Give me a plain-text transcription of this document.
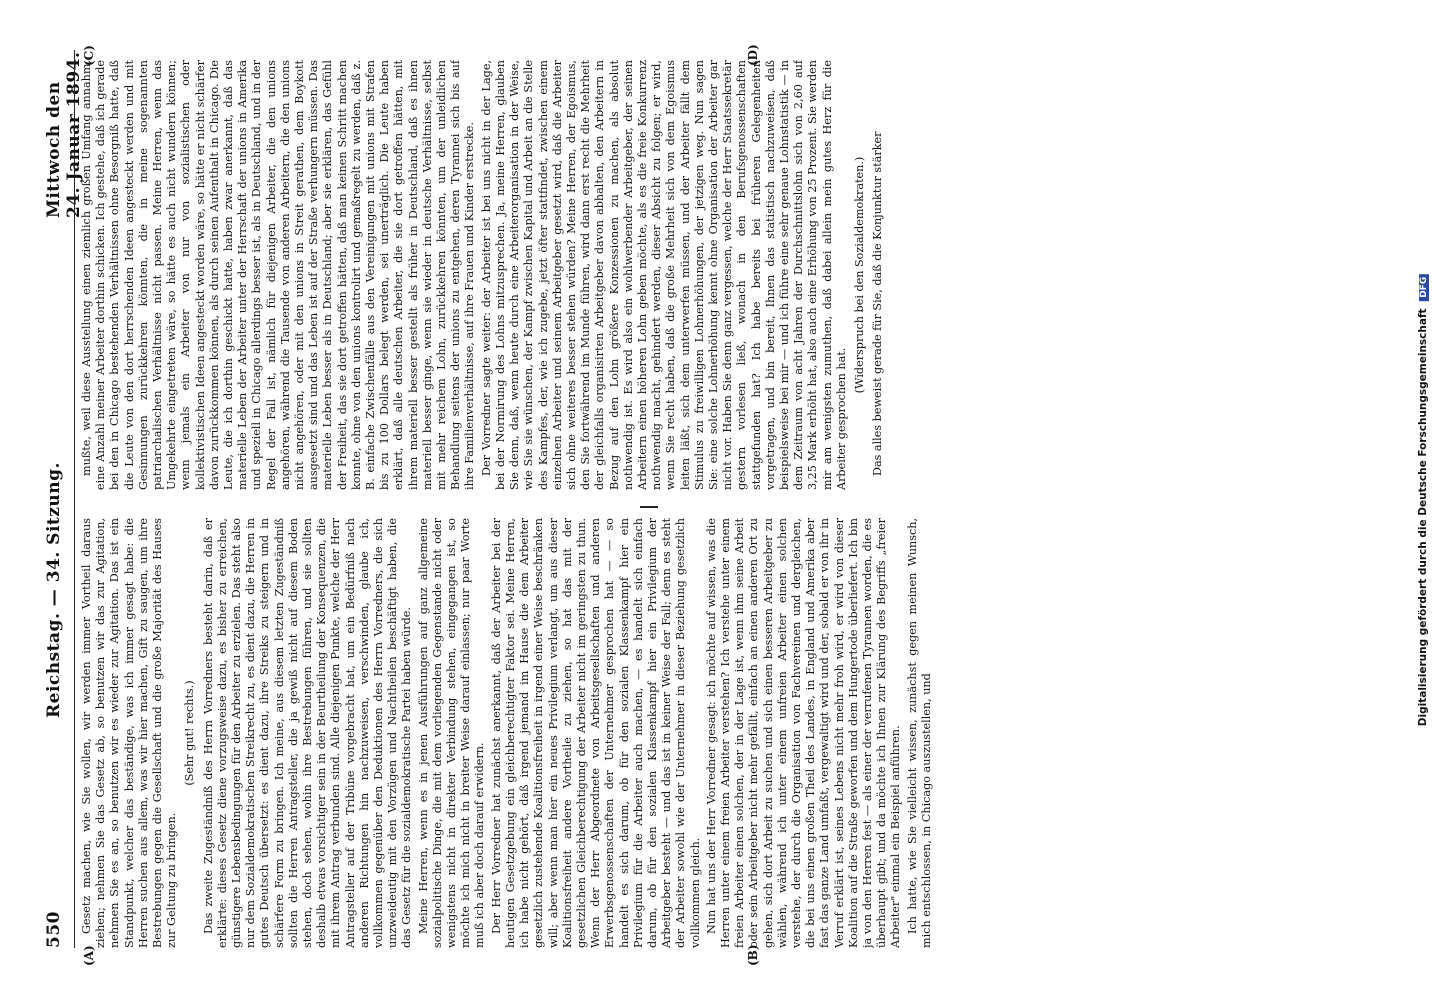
550
Reichstag. — 34. Sitzung.
Mittwoch den 24. Januar 1894.
(A)	(B)
(C)	(D)

Gesetz machen, wie Sie wollen, wir werden immer Vortheil daraus ziehen; nehmen Sie das Gesetz ab, so benutzen wir das zur Agitation, nehmen Sie es an, so benutzen wir es wieder zur Agitation. Das ist ein Standpunkt, welcher das beständige, was ich immer gesagt habe: die Herren suchen aus allem, was wir hier machen, Gift zu saugen, um ihre Bestrebungen gegen die Gesellschaft und die große Majorität des Hauses zur Geltung zu bringen.

(Sehr gut! rechts.) Das zweite Zugeständniß des Herrn Vorredners besteht darin, daß er erklärte: dieses Gesetz diene vorzugsweise dazu, es bisher zu erreichen, günstigere Lebensbedingungen für den Arbeiter zu erzielen. Das steht also nur dem Sozialdemokratischen Streikrecht zu, es dient dazu, die Herren in gutes Deutsch übersetzt: es dient dazu, ihre Streiks zu steigern und in schärfere Form zu bringen. Ich meine, aus diesem letzten Zugeständniß sollten die Herren Antragsteller, die ja gewiß nicht auf diesem Boden stehen, doch sehen, wohin ihre Bestrebungen führen, und sie sollten deshalb etwas vorsichtiger sein in der Beurtheilung der Konsequenzen, die mit ihrem Antrag verbunden sind. Alle diejenigen Punkte, welche der Herr Antragsteller auf der Tribüne vorgebracht hat, um ein Bedürfniß nach anderen Richtungen hin nachzuweisen, verschwinden, glaube ich, vollkommen gegenüber den Deduktionen des Herrn Vorredners, die sich unzweideutig mit den Vorzügen und Nachtheilen beschäftigt haben, die das Gesetz für die sozialdemokratische Partei haben würde. Meine Herren, wenn es in jenen Ausführungen auf ganz allgemeine sozialpolitische Dinge, die mit dem vorliegenden Gegenstande nicht oder wenigstens nicht in direkter Verbindung stehen, eingegangen ist, so möchte ich mich nicht in breiter Weise darauf einlassen; nur paar Worte muß ich aber doch darauf erwidern. Der Herr Vorredner hat zunächst anerkannt, daß der Arbeiter bei der heutigen Gesetzgebung ein gleichberechtigter Faktor sei. Meine Herren, ich habe nicht gehört, daß irgend jemand im Hause die dem Arbeiter gesetzlich zustehende Koalitionsfreiheit in irgend einer Weise beschränken will; aber wenn man hier ein neues Privilegium verlangt, um aus dieser Koalitionsfreiheit andere Vortheile zu ziehen, so hat das mit der gesetzlichen Gleichberechtigung der Arbeiter nicht im geringsten zu thun. Wenn der Herr Abgeordnete von Arbeitsgesellschaften und anderen Erwerbsgenossenschaften der Unternehmer gesprochen hat — — so handelt es sich darum, ob für den sozialen Klassenkampf hier ein Privilegium für die Arbeiter auch machen, — es handelt sich einfach darum, ob für den sozialen Klassenkampf hier ein Privilegium der Arbeitgeber besteht — und das ist in keiner Weise der Fall; denn es steht der Arbeiter sowohl wie der Unternehmer in dieser Beziehung gesetzlich vollkommen gleich. Nun hat uns der Herr Vorredner gesagt: ich möchte auf wissen, was die Herren unter einem freien Arbeiter verstehen? Ich verstehe unter einem freien Arbeiter einen solchen, der in der Lage ist, wenn ihm seine Arbeit oder sein Arbeitgeber nicht mehr gefällt, einfach an einen anderen Ort zu gehen, sich dort Arbeit zu suchen und sich einen besseren Arbeitgeber zu wählen, während ich unter einem unfreien Arbeiter einen solchen verstehe, der durch die Organisation von Fachvereinen und dergleichen, die bei uns einen großen Theil des Landes, in England und Amerika aber fast das ganze Land umfaßt, vergewaltigt wird und der, sobald er von ihr in Verruf erklärt ist, seines Lebens nicht mehr froh wird, er wird von dieser Koalition auf die Straße geworfen und dem Hungertode überliefert. Ich bin ja von den Herren fest — als einer der verrufenen Tyrannen worden, die es überhaupt gibt; und da möchte ich Ihnen zur Klärung des Begriffs „freier Arbeiter" einmal ein Beispiel anführen. Ich hatte, wie Sie vielleicht wissen, zunächst gegen meinen Wunsch, mich entschlossen, in Chicago auszustellen, und

mußte, weil diese Ausstellung einen ziemlich großen Umfang annahm, eine Anzahl meiner Arbeiter dorthin schicken. Ich gestehe, daß ich gerade bei den in Chicago bestehenden Verhältnissen ohne Besorgniß hatte, daß die Leute von den dort herrschenden Ideen angesteckt werden und mit Gesinnungen zurückkehren könnten, die in meine sogenannten patriarchalischen Verhältnisse nicht passen. Meine Herren, wenn das Umgekehrte eingetreten wäre, so hätte es auch nicht wundern können; wenn jemals ein Arbeiter von nur von sozialistischen oder kollektivistischen Ideen angesteckt worden wäre, so hätte er nicht schärfer davon zurückkommen können, als durch seinen Aufenthalt in Chicago. Die Leute, die ich dorthin geschickt hatte, haben zwar anerkannt, daß das materielle Leben der Arbeiter unter der Herrschaft der unions in Amerika und speziell in Chicago allerdings besser ist, als in Deutschland, und in der Regel der Fall ist, nämlich für diejenigen Arbeiter, die den unions angehören, während die Tausende von anderen Arbeitern, die den unions nicht angehören, oder mit den unions in Streit gerathen, dem Boykott ausgesetzt sind und das Leben ist auf der Straße verhungern müssen. Das materielle Leben besser als in Deutschland; aber sie erklären, das Gefühl der Freiheit, das sie dort getroffen hätten, daß man keinen Schritt machen konnte, ohne von den unions kontrolirt und gemaßregelt zu werden, daß z. B. einfache Zwischenfälle aus den Vereinigungen mit unions mit Strafen bis zu 100 Dollars belegt werden, sei unerträglich. Die Leute haben erklärt, daß alle deutschen Arbeiter, die sie dort getroffen hätten, mit ihrem materiell besser gestellt als früher in Deutschland, daß es ihnen materiell besser ginge, wenn sie wieder in deutsche Verhältnisse, selbst mit mehr reichem Lohn, zurückkehren könnten, um der unleidlichen Behandlung seitens der unions zu entgehen, deren Tyrannei sich bis auf ihre Familienverhältnisse, auf ihre Frauen und Kinder erstrecke. Der Vorredner sagte weiter: der Arbeiter ist bei uns nicht in der Lage, bei der Normirung des Lohns mitzusprechen. Ja, meine Herren, glauben Sie denn, daß, wenn heute durch eine Arbeiterorganisation in der Weise, wie Sie sie wünschen, der Kampf zwischen Kapital und Arbeit an die Stelle des Kampfes, der, wie ich zugebe, jetzt öfter stattfindet, zwischen einem einzelnen Arbeiter und seinem Arbeitgeber gesetzt wird, daß die Arbeiter sich ohne weiteres besser stehen würden? Meine Herren, der Egoismus, den Sie fortwährend im Munde führen, wird dann erst recht die Mehrheit der gleichfalls organisirten Arbeitgeber davon abhalten, den Arbeitern in Bezug auf den Lohn größere Konzessionen zu machen, als absolut nothwendig ist. Es wird also ein wohlwerbender Arbeitgeber, der seinen Arbeitern einen höheren Lohn geben möchte, als es die freie Konkurrenz nothwendig macht, gehindert werden, dieser Absicht zu folgen; er wird, wenn Sie recht haben, daß die große Mehrheit sich von dem Egoismus leiten läßt, sich dem unterwerfen müssen, und der Arbeiter fällt dem Stimulus zu freiwilligen Lohnerhöhungen, der jetzigen weg. Nun sagen Sie: eine solche Lohnerhöhung kennt ohne Organisation der Arbeiter gar nicht vor. Haben Sie denn ganz vergessen, welche der Herr Staatssekretär gestern vorlesen ließ, wonach in den Berufsgenossenschaften stattgefunden hat? Ich habe bereits bei früheren Gelegenheiten vorgetragen, und bin bereit, Ihnen das statistisch nachzuweisen, daß beispielsweise bei mir — und ich führe eine sehr genaue Lohnstatistik — in dem Zeitraum von acht Jahren der Durchschnittslohn sich von 2,60 auf 3,25 Mark erhöht hat, also auch eine Erhöhung von 25 Prozent. Sie werden mir am wenigsten zumuthen, daß dabei allein mein gutes Herz für die Arbeiter gesprochen hat.

(Widerspruch bei den Sozialdemokraten.) Das alles beweist gerade für Sie, daß die Konjunktur stärker

Digitalisierung gefördert durch die Deutsche Forschungsgemeinschaft DFG
